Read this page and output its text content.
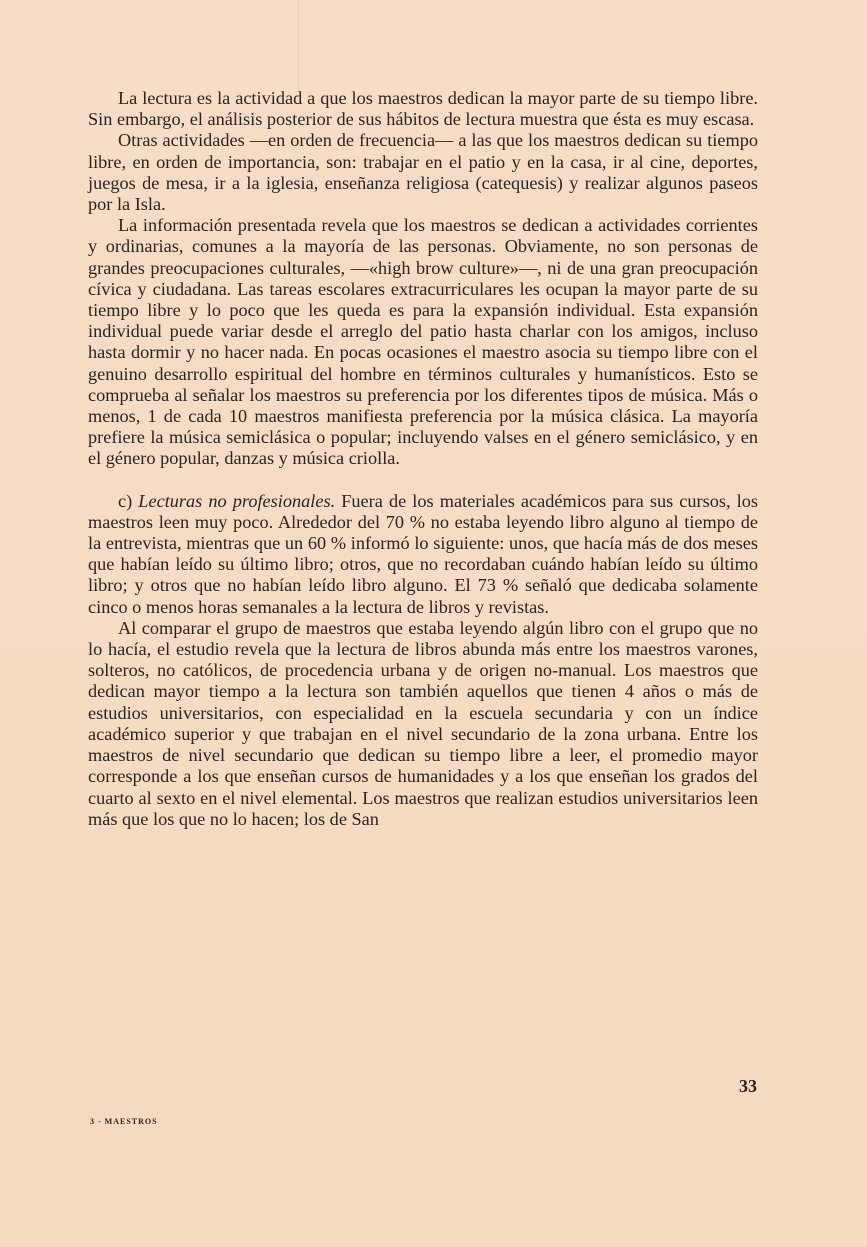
La lectura es la actividad a que los maestros dedican la mayor parte de su tiempo libre. Sin embargo, el análisis posterior de sus hábitos de lectura muestra que ésta es muy escasa.

Otras actividades —en orden de frecuencia— a las que los maestros dedican su tiempo libre, en orden de importancia, son: trabajar en el patio y en la casa, ir al cine, deportes, juegos de mesa, ir a la iglesia, enseñanza religiosa (catequesis) y realizar algunos paseos por la Isla.

La información presentada revela que los maestros se dedican a actividades corrientes y ordinarias, comunes a la mayoría de las personas. Obviamente, no son personas de grandes preocupaciones culturales, —«high brow culture»—, ni de una gran preocupación cívica y ciudadana. Las tareas escolares extracurriculares les ocupan la mayor parte de su tiempo libre y lo poco que les queda es para la expansión individual. Esta expansión individual puede variar desde el arreglo del patio hasta charlar con los amigos, incluso hasta dormir y no hacer nada. En pocas ocasiones el maestro asocia su tiempo libre con el genuino desarrollo espiritual del hombre en términos culturales y humanísticos. Esto se comprueba al señalar los maestros su preferencia por los diferentes tipos de música. Más o menos, 1 de cada 10 maestros manifiesta preferencia por la música clásica. La mayoría prefiere la música semiclásica o popular; incluyendo valses en el género semiclásico, y en el género popular, danzas y música criolla.

c) Lecturas no profesionales. Fuera de los materiales académicos para sus cursos, los maestros leen muy poco. Alrededor del 70 % no estaba leyendo libro alguno al tiempo de la entrevista, mientras que un 60 % informó lo siguiente: unos, que hacía más de dos meses que habían leído su último libro; otros, que no recordaban cuándo habían leído su último libro; y otros que no habían leído libro alguno. El 73 % señaló que dedicaba solamente cinco o menos horas semanales a la lectura de libros y revistas.

Al comparar el grupo de maestros que estaba leyendo algún libro con el grupo que no lo hacía, el estudio revela que la lectura de libros abunda más entre los maestros varones, solteros, no católicos, de procedencia urbana y de origen no-manual. Los maestros que dedican mayor tiempo a la lectura son también aquellos que tienen 4 años o más de estudios universitarios, con especialidad en la escuela secundaria y con un índice académico superior y que trabajan en el nivel secundario de la zona urbana. Entre los maestros de nivel secundario que dedican su tiempo libre a leer, el promedio mayor corresponde a los que enseñan cursos de humanidades y a los que enseñan los grados del cuarto al sexto en el nivel elemental. Los maestros que realizan estudios universitarios leen más que los que no lo hacen; los de San

33
3 - MAESTROS
